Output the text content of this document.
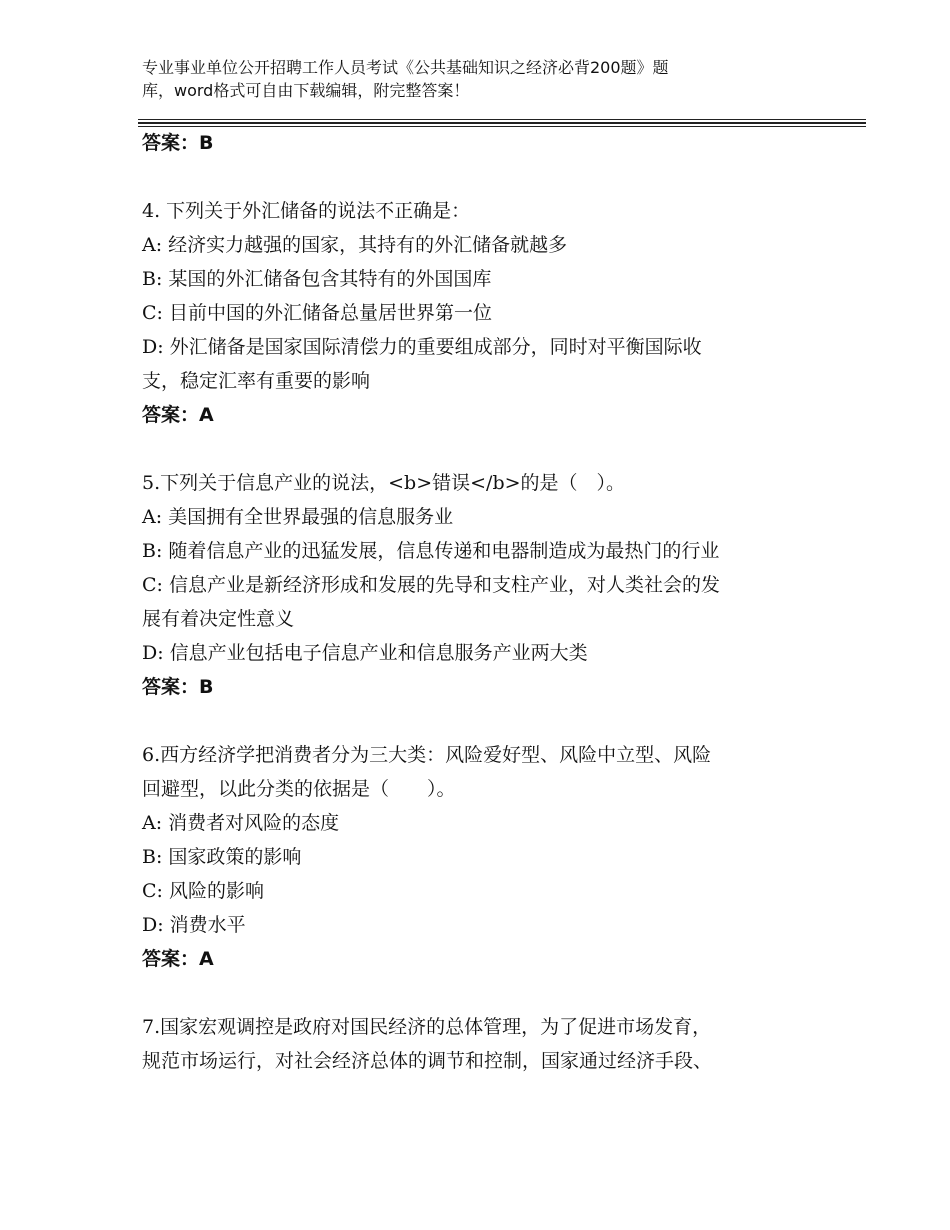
专业事业单位公开招聘工作人员考试《公共基础知识之经济必背200题》题
库，word格式可自由下载编辑，附完整答案！
答案：B
4. 下列关于外汇储备的说法不正确是：
A: 经济实力越强的国家，其持有的外汇储备就越多
B: 某国的外汇储备包含其特有的外国国库
C: 目前中国的外汇储备总量居世界第一位
D: 外汇储备是国家国际清偿力的重要组成部分，同时对平衡国际收
支，稳定汇率有重要的影响
答案：A
5.下列关于信息产业的说法，<b>错误</b>的是（　）。
A: 美国拥有全世界最强的信息服务业
B: 随着信息产业的迅猛发展，信息传递和电器制造成为最热门的行业
C: 信息产业是新经济形成和发展的先导和支柱产业，对人类社会的发
展有着决定性意义
D: 信息产业包括电子信息产业和信息服务产业两大类
答案：B
6.西方经济学把消费者分为三大类：风险爱好型、风险中立型、风险
回避型，以此分类的依据是（　　）。
A: 消费者对风险的态度
B: 国家政策的影响
C: 风险的影响
D: 消费水平
答案：A
7.国家宏观调控是政府对国民经济的总体管理，为了促进市场发育，
规范市场运行，对社会经济总体的调节和控制，国家通过经济手段、
